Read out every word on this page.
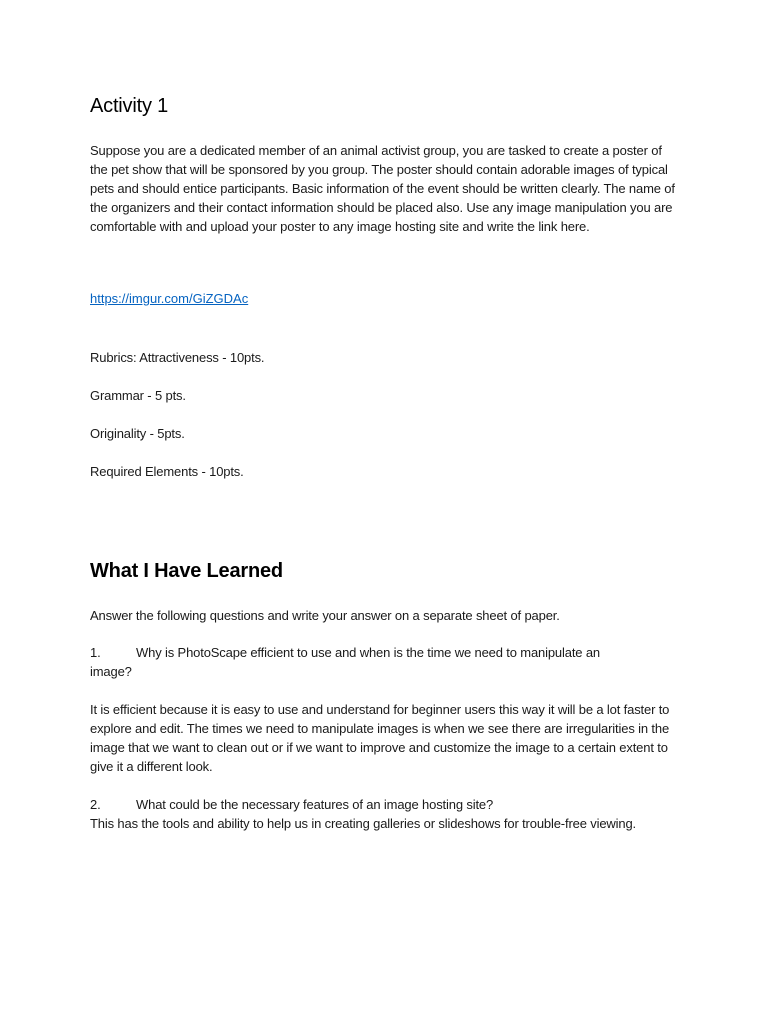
Activity 1

Suppose you are a dedicated member of an animal activist group, you are tasked to create a poster of the pet show that will be sponsored by you group. The poster should contain adorable images of typical pets and should entice participants. Basic information of the event should be written clearly. The name of the organizers and their contact information should be placed also. Use any image manipulation you are comfortable with and upload your poster to any image hosting site and write the link here.

https://imgur.com/GiZGDAc

Rubrics: Attractiveness - 10pts.

Grammar - 5 pts.

Originality - 5pts.

Required Elements - 10pts.

What I Have Learned

Answer the following questions and write your answer on a separate sheet of paper.

1.	Why is PhotoScape efficient to use and when is the time we need to manipulate an
image?

It is efficient because it is easy to use and understand for beginner users this way it will be a lot faster to explore and edit. The times we need to manipulate images is when we see there are irregularities in the image that we want to clean out or if we want to improve and customize the image to a certain extent to give it a different look.

2.	What could be the necessary features of an image hosting site?
This has the tools and ability to help us in creating galleries or slideshows for trouble-free viewing.
